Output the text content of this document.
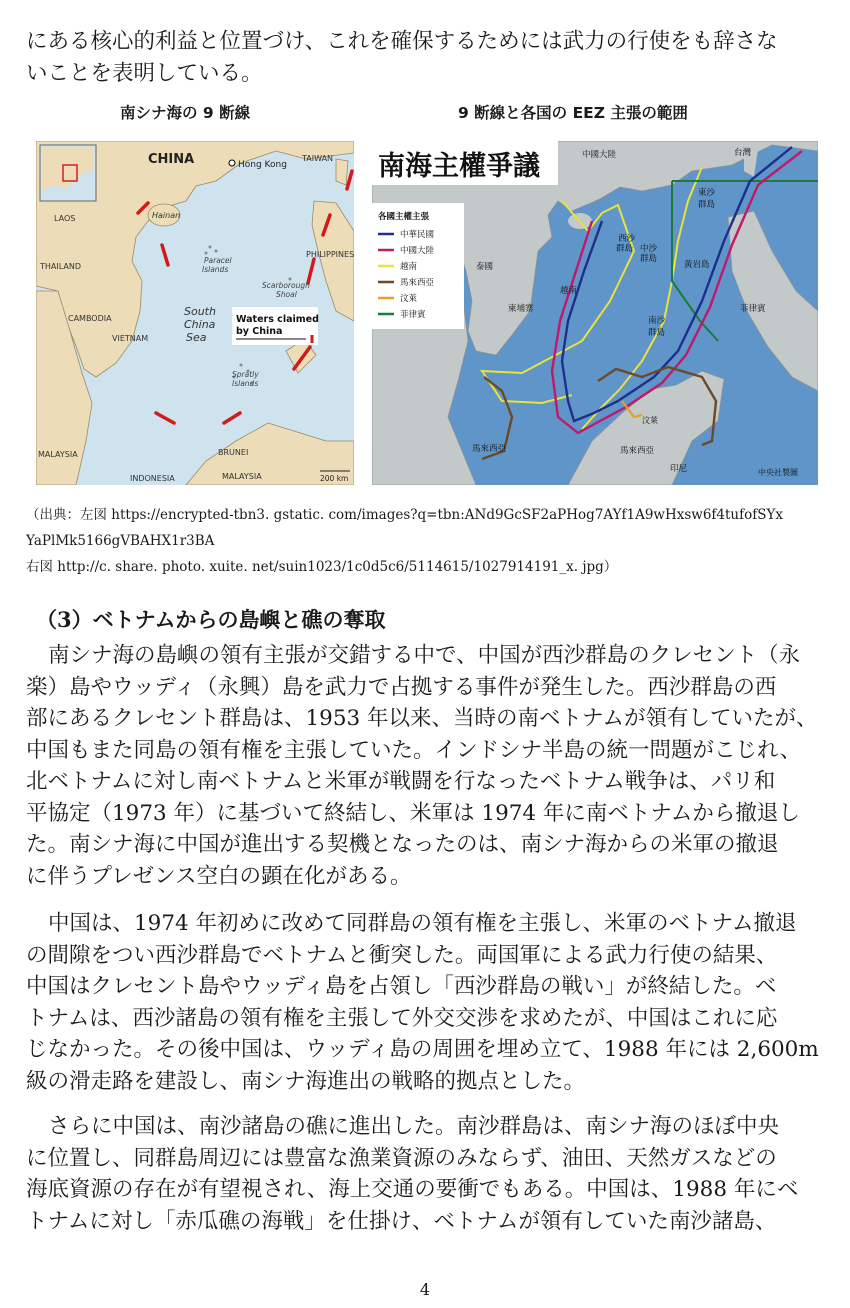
にある核心的利益と位置づけ、これを確保するためには武力の行使をも辞さな
いことを表明している。
南シナ海の 9 断線	9 断線と各国の EEZ 主張の範囲
CHINA	Hong Kong
TAIWAN
Hainan
LAOS
THAILAND
CAMBODIA
VIETNAM
Paracel
Islands
Scarborough
Shoal
PHILIPPINES
South
China
Sea
Waters claimed
by China
Spratly
Islands
MALAYSIA	BRUNEI
MALAYSIA
INDONESIA	200 km
南海主權爭議
各國主權主張
中華民國
中國大陸
越南
馬來西亞
汶萊
菲律賓
中國大陸	台灣
東沙
群島
西沙
群島 中沙
群島
黃岩島
泰國
柬埔寨
越南
南沙
群島
菲律賓
汶萊
馬來西亞	馬來西亞
印尼	中央社製圖
（出典：左図 https://encrypted-tbn3. gstatic. com/images?q=tbn:ANd9GcSF2aPHog7AYf1A9wHxsw6f4tufofSYx
YaPlMk5166gVBAHX1r3BA
右図 http://c. share. photo. xuite. net/suin1023/1c0d5c6/5114615/1027914191_x. jpg）
（3）ベトナムからの島嶼と礁の奪取
南シナ海の島嶼の領有主張が交錯する中で、中国が西沙群島のクレセント（永
楽）島やウッディ（永興）島を武力で占拠する事件が発生した。西沙群島の西
部にあるクレセント群島は、1953 年以来、当時の南ベトナムが領有していたが、
中国もまた同島の領有権を主張していた。インドシナ半島の統一問題がこじれ、
北ベトナムに対し南ベトナムと米軍が戦闘を行なったベトナム戦争は、パリ和
平協定（1973 年）に基づいて終結し、米軍は 1974 年に南ベトナムから撤退し
た。南シナ海に中国が進出する契機となったのは、南シナ海からの米軍の撤退
に伴うプレゼンス空白の顕在化がある。
中国は、1974 年初めに改めて同群島の領有権を主張し、米軍のベトナム撤退
の間隙をつい西沙群島でベトナムと衝突した。両国軍による武力行使の結果、
中国はクレセント島やウッディ島を占領し「西沙群島の戦い」が終結した。ベ
トナムは、西沙諸島の領有権を主張して外交交渉を求めたが、中国はこれに応
じなかった。その後中国は、ウッディ島の周囲を埋め立て、1988 年には 2,600m
級の滑走路を建設し、南シナ海進出の戦略的拠点とした。
さらに中国は、南沙諸島の礁に進出した。南沙群島は、南シナ海のほぼ中央
に位置し、同群島周辺には豊富な漁業資源のみならず、油田、天然ガスなどの
海底資源の存在が有望視され、海上交通の要衝でもある。中国は、1988 年にベ
トナムに対し「赤瓜礁の海戦」を仕掛け、ベトナムが領有していた南沙諸島、
4
